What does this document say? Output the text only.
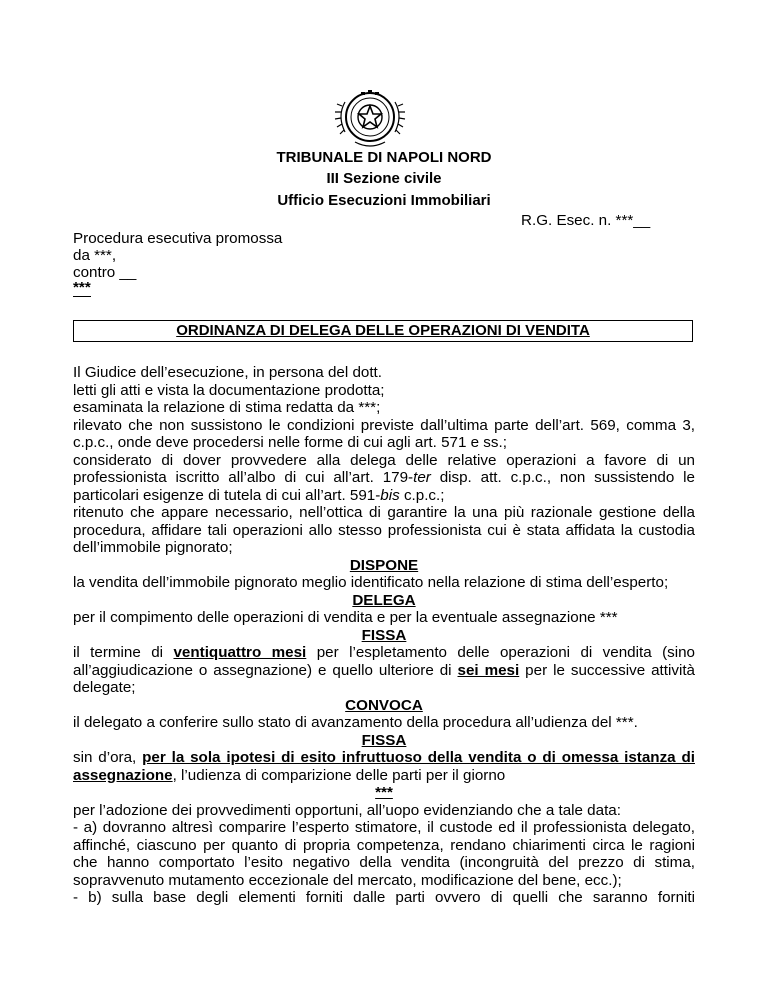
TRIBUNALE DI NAPOLI NORD
III Sezione civile
Ufficio Esecuzioni Immobiliari
R.G. Esec. n. ***__
Procedura esecutiva promossa
da ***,
contro __
***
ORDINANZA DI DELEGA DELLE OPERAZIONI DI VENDITA

Il Giudice dell’esecuzione, in persona del dott.

letti gli atti e vista la documentazione prodotta;

esaminata la relazione di stima redatta da ***;

rilevato che non sussistono le condizioni previste dall’ultima parte dell’art. 569, comma 3, c.p.c., onde deve procedersi nelle forme di cui agli art. 571 e ss.;

considerato di dover provvedere alla delega delle relative operazioni a favore di un professionista iscritto all’albo di cui all’art. 179-ter disp. att. c.p.c., non sussistendo le particolari esigenze di tutela di cui all’art. 591-bis c.p.c.;

ritenuto che appare necessario, nell’ottica di garantire la una più razionale gestione della procedura, affidare tali operazioni allo stesso professionista cui è stata affidata la custodia dell’immobile pignorato;

DISPONE

la vendita dell’immobile pignorato meglio identificato nella relazione di stima dell’esperto;

DELEGA

per il compimento delle operazioni di vendita e per la eventuale assegnazione ***

FISSA

il termine di ventiquattro mesi per l’espletamento delle operazioni di vendita (sino all’aggiudicazione o assegnazione) e quello ulteriore di sei mesi per le successive attività delegate;

CONVOCA

il delegato a conferire sullo stato di avanzamento della procedura all’udienza del ***.

FISSA

sin d’ora, per la sola ipotesi di esito infruttuoso della vendita o di omessa istanza di assegnazione, l’udienza di comparizione delle parti per il giorno

***

per l’adozione dei provvedimenti opportuni, all’uopo evidenziando che a tale data:

- a) dovranno altresì comparire l’esperto stimatore, il custode ed il professionista delegato, affinché, ciascuno per quanto di propria competenza, rendano chiarimenti circa le ragioni che hanno comportato l’esito negativo della vendita (incongruità del prezzo di stima, sopravvenuto mutamento eccezionale del mercato, modificazione del bene, ecc.);

- b) sulla base degli elementi forniti dalle parti ovvero di quelli che saranno forniti
